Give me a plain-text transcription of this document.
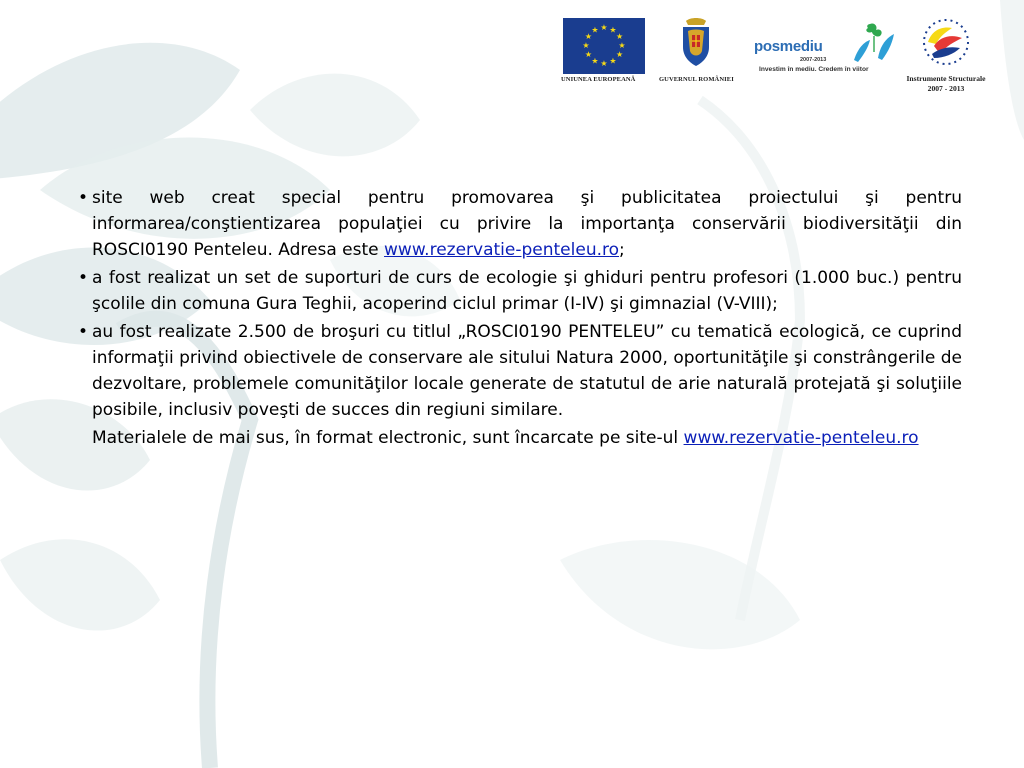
★ ★
★
★
★
★
★
★
★
★
★
★
UNIUNEA EUROPEANĂ	GUVERNUL ROMÂNIEI
posmediu
2007-2013
Investim în mediu. Credem în viitor
Instrumente Structurale
2007 - 2013

• site web creat special pentru promovarea şi publicitatea proiectului şi pentru informarea/conştientizarea populaţiei cu privire la importanţa conservării biodiversităţii din ROSCI0190 Penteleu. Adresa este www.rezervatie-penteleu.ro;

• a fost realizat un set de suporturi de curs de ecologie şi ghiduri pentru profesori (1.000 buc.) pentru şcolile din comuna Gura Teghii, acoperind ciclul primar (I-IV) şi gimnazial (V-VIII);

• au fost realizate 2.500 de broşuri cu titlul „ROSCI0190 PENTELEU” cu tematică ecologică, ce cuprind informaţii privind obiectivele de conservare ale sitului Natura 2000, oportunităţile şi constrângerile de dezvoltare, problemele comunităţilor locale generate de statutul de arie naturală protejată şi soluţiile posibile, inclusiv poveşti de succes din regiuni similare.

Materialele de mai sus, în format electronic, sunt încarcate pe site-ul www.rezervatie-penteleu.ro
